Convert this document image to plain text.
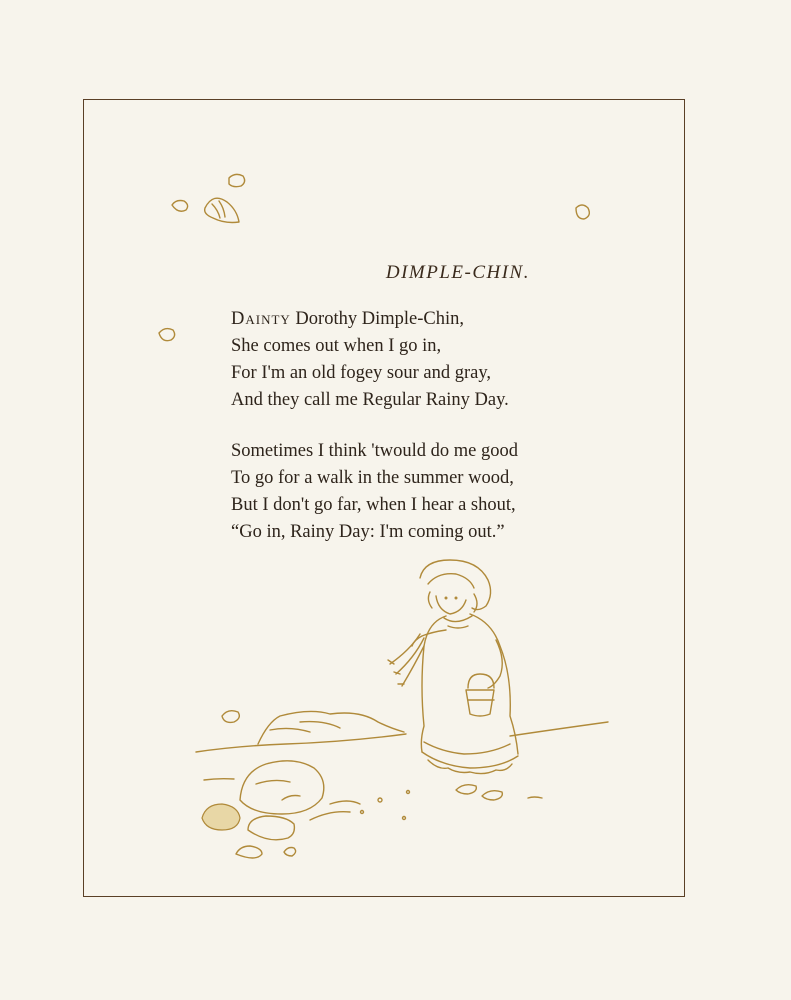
DIMPLE-CHIN.
Dainty Dorothy Dimple-Chin,
She comes out when I go in,
For I'm an old fogey sour and gray,
And they call me Regular Rainy Day.
Sometimes I think 'twould do me good
To go for a walk in the summer wood,
But I don't go far, when I hear a shout,
“Go in, Rainy Day: I'm coming out.”
